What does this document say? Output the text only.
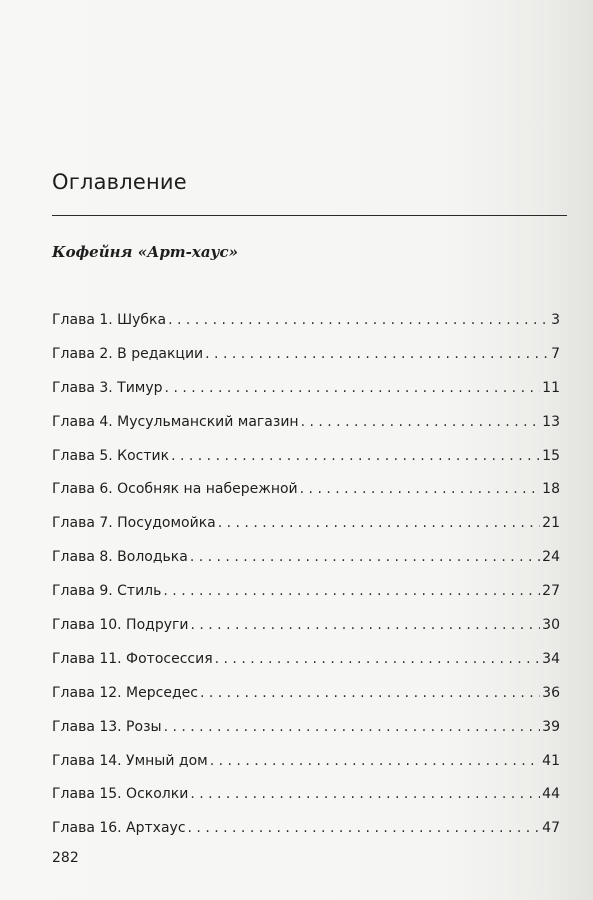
Оглавление
Кофейня «Арт-хаус»
Глава 1. Шубка . . .	3
Глава 2. В редакции . . .	7
Глава 3. Тимур . . .	11
Глава 4. Мусульманский магазин . . .	13
Глава 5. Костик . . .	15
Глава 6. Особняк на набережной . . .	18
Глава 7. Посудомойка . . .	21
Глава 8. Володька . . .	24
Глава 9. Стиль . . .	27
Глава 10. Подруги . . .	30
Глава 11. Фотосессия . . .	34
Глава 12. Мерседес . . .	36
Глава 13. Розы . . .	39
Глава 14. Умный дом . . .	41
Глава 15. Осколки . . .	44
Глава 16. Артхаус . . .	47
282
